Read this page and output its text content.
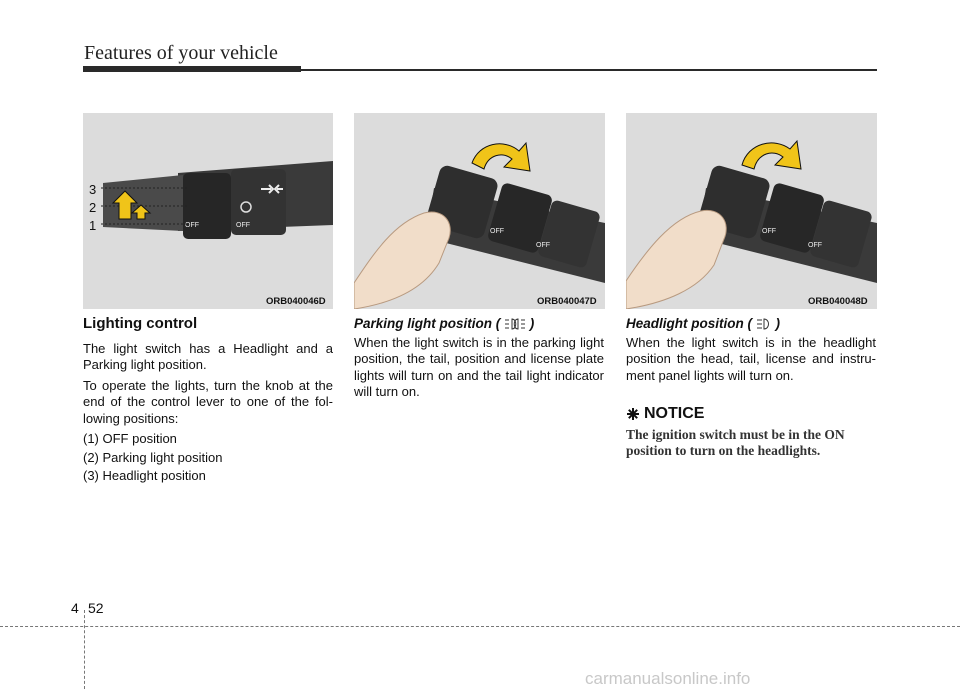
Features of your vehicle
OFF	OFF
3
2
1
ORB040046D
OFF
OFF
ORB040047D
OFF
OFF
ORB040048D
Lighting control

The light switch has a Headlight and a Parking light position.

To operate the lights, turn the knob at the end of the control lever to one of the fol-lowing positions:

(1) OFF position
(2) Parking light position
(3) Headlight position
Parking light position ( )

When the light switch is in the parking light position, the tail, position and license plate lights will turn on and the tail light indicator will turn on.

Headlight position ( )

When the light switch is in the headlight position the head, tail, license and instru-ment panel lights will turn on.

NOTICE
The ignition switch must be in the ON position to turn on the headlights.
4 52
carmanualsonline.info
